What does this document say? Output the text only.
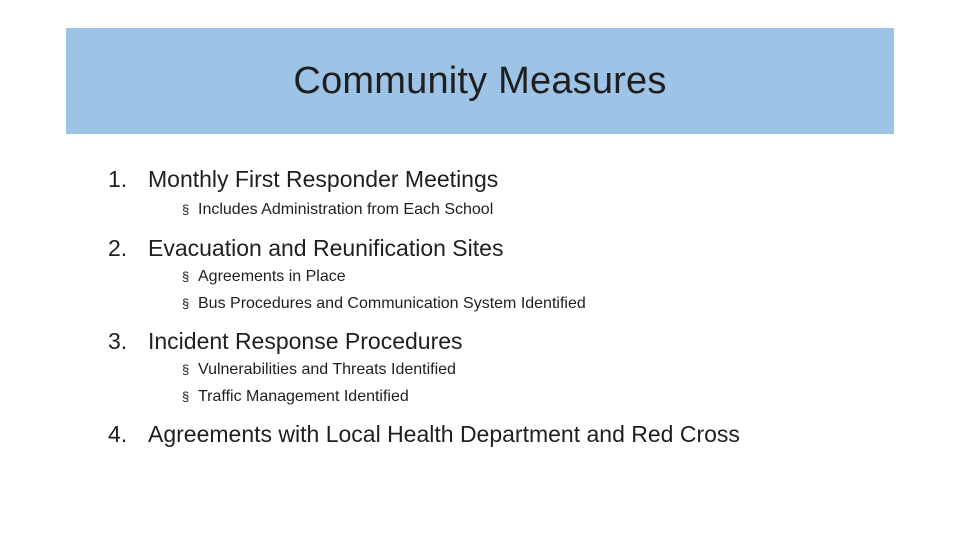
Community Measures
1. Monthly First Responder Meetings
§ Includes Administration from Each School
2. Evacuation and Reunification Sites
§ Agreements in Place
§ Bus Procedures and Communication System Identified
3. Incident Response Procedures
§ Vulnerabilities and Threats Identified
§ Traffic Management Identified
4. Agreements with Local Health Department and Red Cross
